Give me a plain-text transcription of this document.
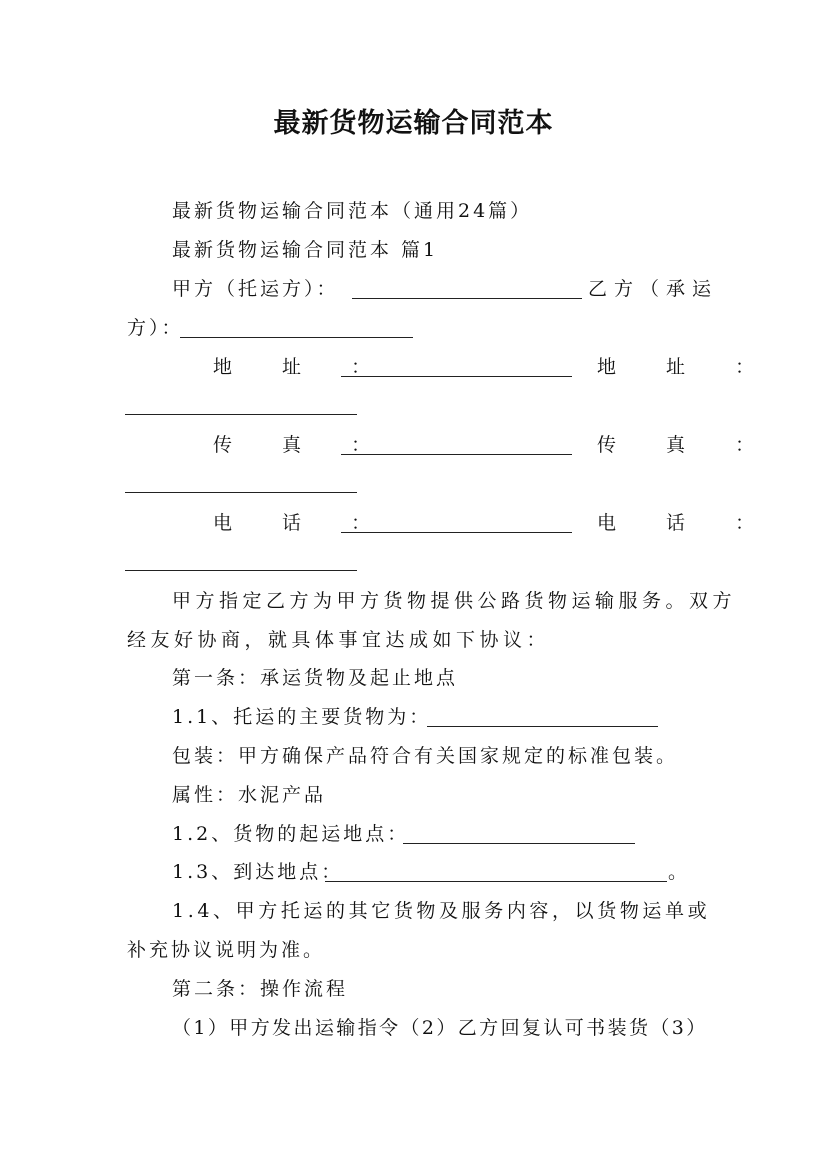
最新货物运输合同范本
最新货物运输合同范本（通用24篇）
最新货物运输合同范本 篇1
甲方（托运方）：	乙方（承运
方）：
地 址 ：	地 址 ：
传 真 ：	传 真 ：
电 话 ：	电 话 ：
甲方指定乙方为甲方货物提供公路货物运输服务。双方
经友好协商，就具体事宜达成如下协议：
第一条：承运货物及起止地点
1.1、托运的主要货物为：
包装：甲方确保产品符合有关国家规定的标准包装。
属性：水泥产品
1.2、货物的起运地点：
1.3、到达地点：	。
1.4、甲方托运的其它货物及服务内容，以货物运单或
补充协议说明为准。
第二条：操作流程
（1）甲方发出运输指令（2）乙方回复认可书装货（3）
